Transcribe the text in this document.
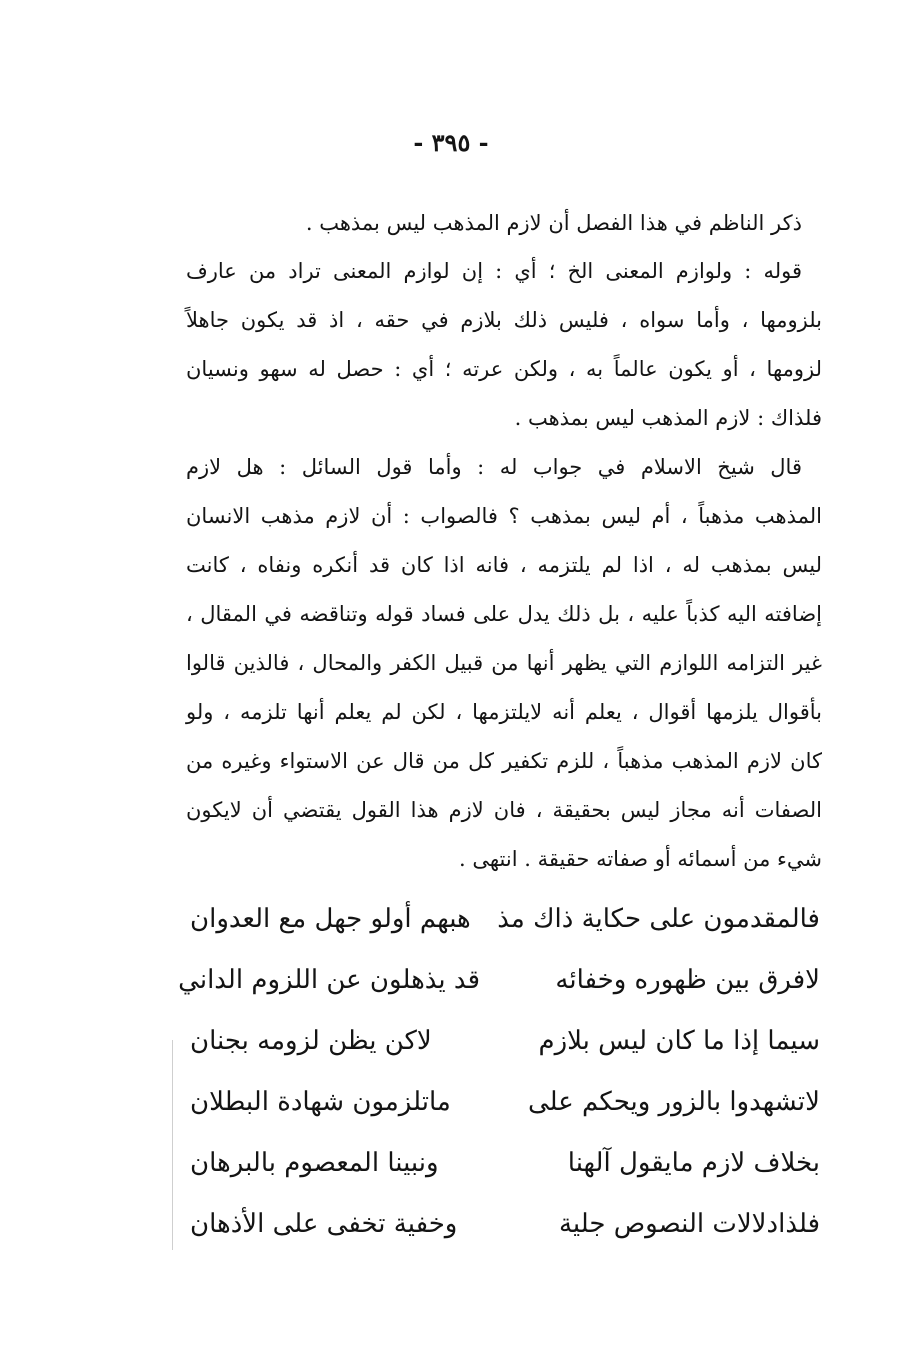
- ٣٩٥ -

ذكر الناظم في هذا الفصل أن لازم المذهب ليس بمذهب .

قوله : ولوازم المعنى الخ ؛ أي : إن لوازم المعنى تراد من عارف
بلزومها ، وأما سواه ، فليس ذلك بلازم في حقه ، اذ قد يكون جاهلاً
لزومها ، أو يكون عالماً به ، ولكن عرته ؛ أي : حصل له سهو ونسيان
فلذاك : لازم المذهب ليس بمذهب .

قال شيخ الاسلام في جواب له : وأما قول السائل : هل لازم
المذهب مذهباً ، أم ليس بمذهب ؟ فالصواب : أن لازم مذهب الانسان
ليس بمذهب له ، اذا لم يلتزمه ، فانه اذا كان قد أنكره ونفاه ، كانت
إضافته اليه كذباً عليه ، بل ذلك يدل على فساد قوله وتناقضه في المقال ،
غير التزامه اللوازم التي يظهر أنها من قبيل الكفر والمحال ، فالذين قالوا
بأقوال يلزمها أقوال ، يعلم أنه لايلتزمها ، لكن لم يعلم أنها تلزمه ، ولو
كان لازم المذهب مذهباً ، للزم تكفير كل من قال عن الاستواء وغيره من
الصفات أنه مجاز ليس بحقيقة ، فان لازم هذا القول يقتضي أن لايكون
شيء من أسمائه أو صفاته حقيقة . انتهى .

فالمقدمون على حكاية ذاك مذ
هبهم أولو جهل مع العدوان
لافرق بين ظهوره وخفائه
قد يذهلون عن اللزوم الداني
سيما إذا ما كان ليس بلازم
لاكن يظن لزومه بجنان
لاتشهدوا بالزور ويحكم على
ماتلزمون شهادة البطلان
بخلاف لازم مايقول آلهنا
ونبينا المعصوم بالبرهان
فلذادلالات النصوص جلية
وخفية تخفى على الأذهان
